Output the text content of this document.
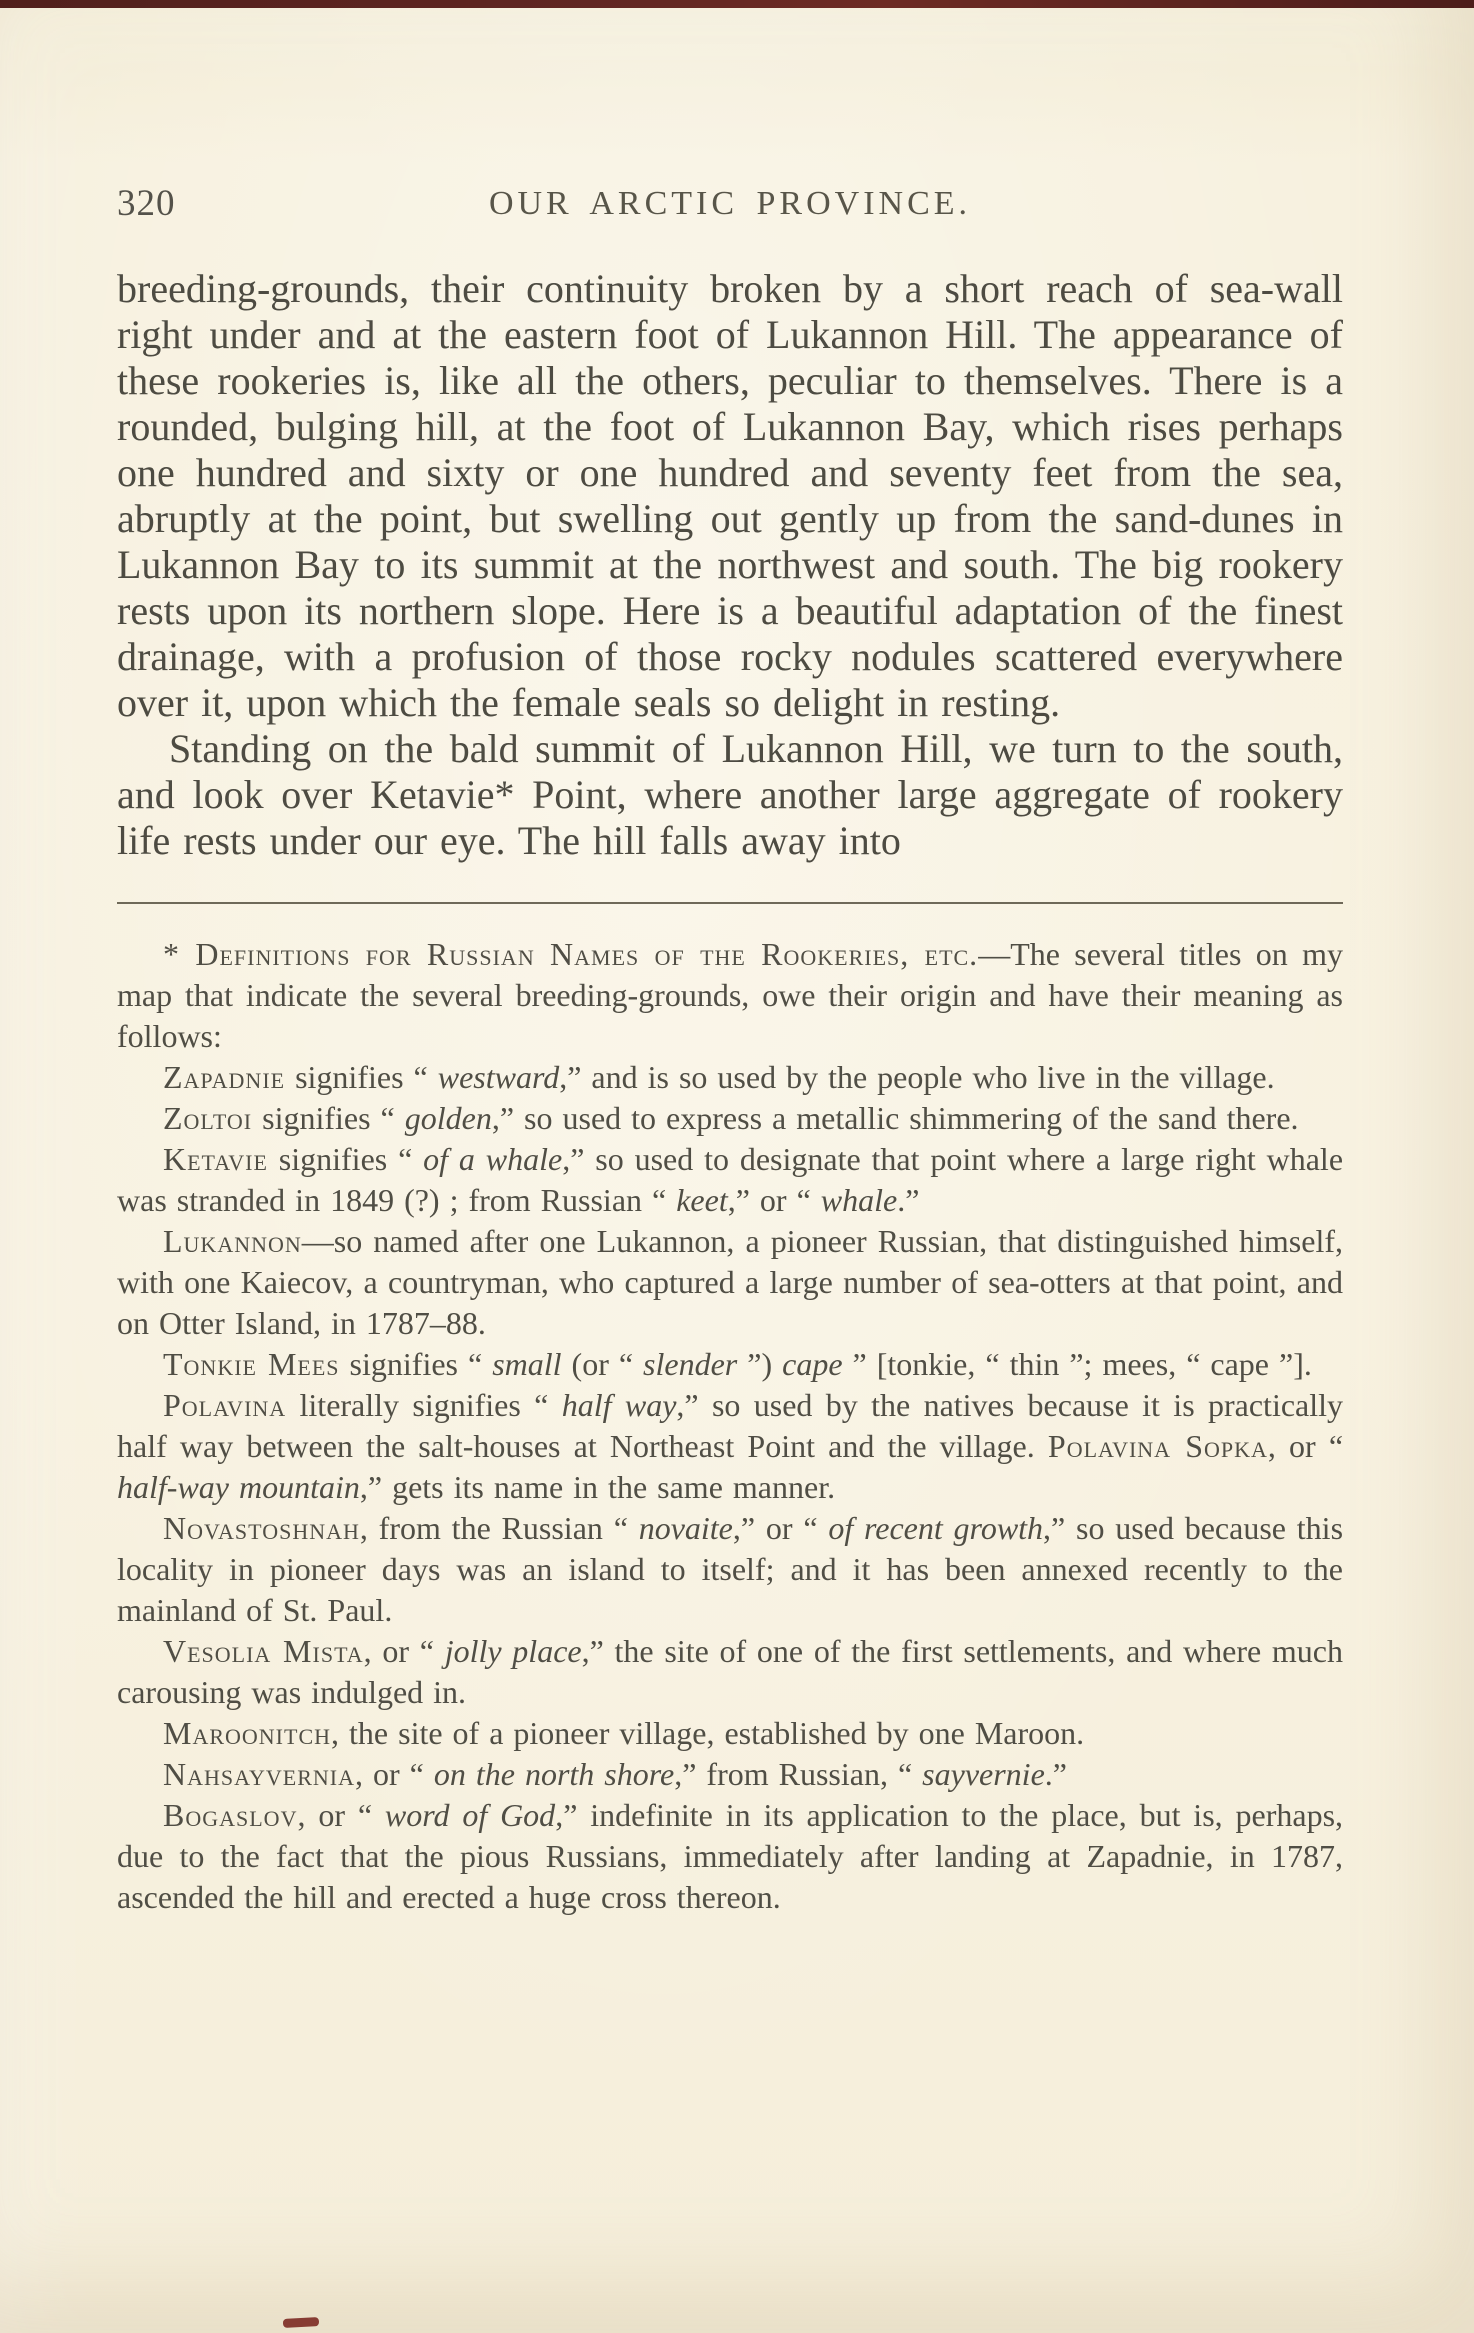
320	OUR ARCTIC PROVINCE.

breeding-grounds, their continuity broken by a short reach of sea-wall right under and at the eastern foot of Lukannon Hill. The appearance of these rookeries is, like all the others, peculiar to themselves. There is a rounded, bulging hill, at the foot of Lukannon Bay, which rises perhaps one hundred and sixty or one hundred and seventy feet from the sea, abruptly at the point, but swelling out gently up from the sand-dunes in Lukannon Bay to its summit at the northwest and south. The big rookery rests upon its northern slope. Here is a beautiful adaptation of the finest drainage, with a profusion of those rocky nodules scattered everywhere over it, upon which the female seals so delight in resting.

Standing on the bald summit of Lukannon Hill, we turn to the south, and look over Ketavie* Point, where another large aggregate of rookery life rests under our eye. The hill falls away into

* Definitions for Russian Names of the Rookeries, etc.—The several titles on my map that indicate the several breeding-grounds, owe their origin and have their meaning as follows:

Zapadnie signifies “ westward,” and is so used by the people who live in the village.

Zoltoi signifies “ golden,” so used to express a metallic shimmering of the sand there.

Ketavie signifies “ of a whale,” so used to designate that point where a large right whale was stranded in 1849 (?) ; from Russian “ keet,” or “ whale.”

Lukannon—so named after one Lukannon, a pioneer Russian, that distinguished himself, with one Kaiecov, a countryman, who captured a large number of sea-otters at that point, and on Otter Island, in 1787–88.

Tonkie Mees signifies “ small (or “ slender ”) cape ” [tonkie, “ thin ”; mees, “ cape ”].

Polavina literally signifies “ half way,” so used by the natives because it is practically half way between the salt-houses at Northeast Point and the village. Polavina Sopka, or “ half-way mountain,” gets its name in the same manner.

Novastoshnah, from the Russian “ novaite,” or “ of recent growth,” so used because this locality in pioneer days was an island to itself; and it has been annexed recently to the mainland of St. Paul.

Vesolia Mista, or “ jolly place,” the site of one of the first settlements, and where much carousing was indulged in.

Maroonitch, the site of a pioneer village, established by one Maroon.

Nahsayvernia, or “ on the north shore,” from Russian, “ sayvernie.”

Bogaslov, or “ word of God,” indefinite in its application to the place, but is, perhaps, due to the fact that the pious Russians, immediately after landing at Zapadnie, in 1787, ascended the hill and erected a huge cross thereon.
